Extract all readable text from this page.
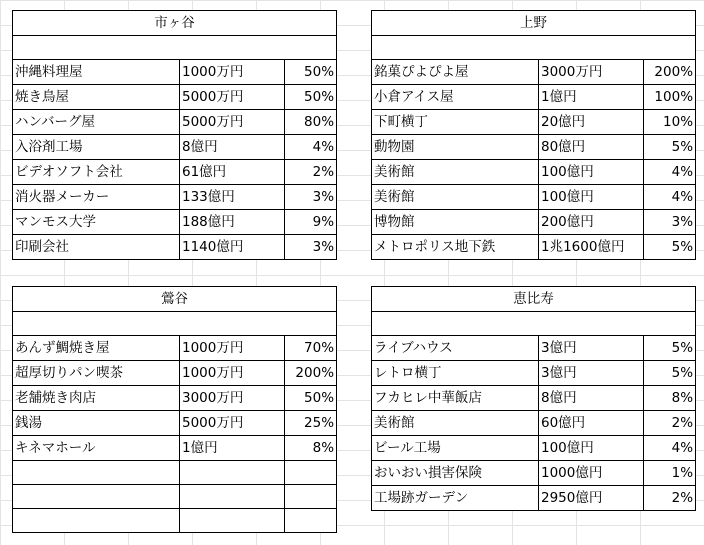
市ヶ谷		

沖縄料理屋	1000万円	50%
焼き鳥屋	5000万円	50%
ハンバーグ屋	5000万円	80%
入浴剤工場	8億円	4%
ビデオソフト会社	61億円	2%
消火器メーカー	133億円	3%
マンモス大学	188億円	9%
印刷会社	1140億円	3%
上野		

銘菓ぴよぴよ屋	3000万円	200%
小倉アイス屋	1億円	100%
下町横丁	20億円	10%
動物園	80億円	5%
美術館	100億円	4%
美術館	100億円	4%
博物館	200億円	3%
メトロポリス地下鉄	1兆1600億円	5%
鶯谷		

あんず鯛焼き屋	1000万円	70%
超厚切りパン喫茶	1000万円	200%
老舗焼き肉店	3000万円	50%
銭湯	5000万円	25%
キネマホール	1億円	8%

恵比寿		

ライブハウス	3億円	5%
レトロ横丁	3億円	5%
フカヒレ中華飯店	8億円	8%
美術館	60億円	2%
ビール工場	100億円	4%
おいおい損害保険	1000億円	1%
工場跡ガーデン	2950億円	2%
